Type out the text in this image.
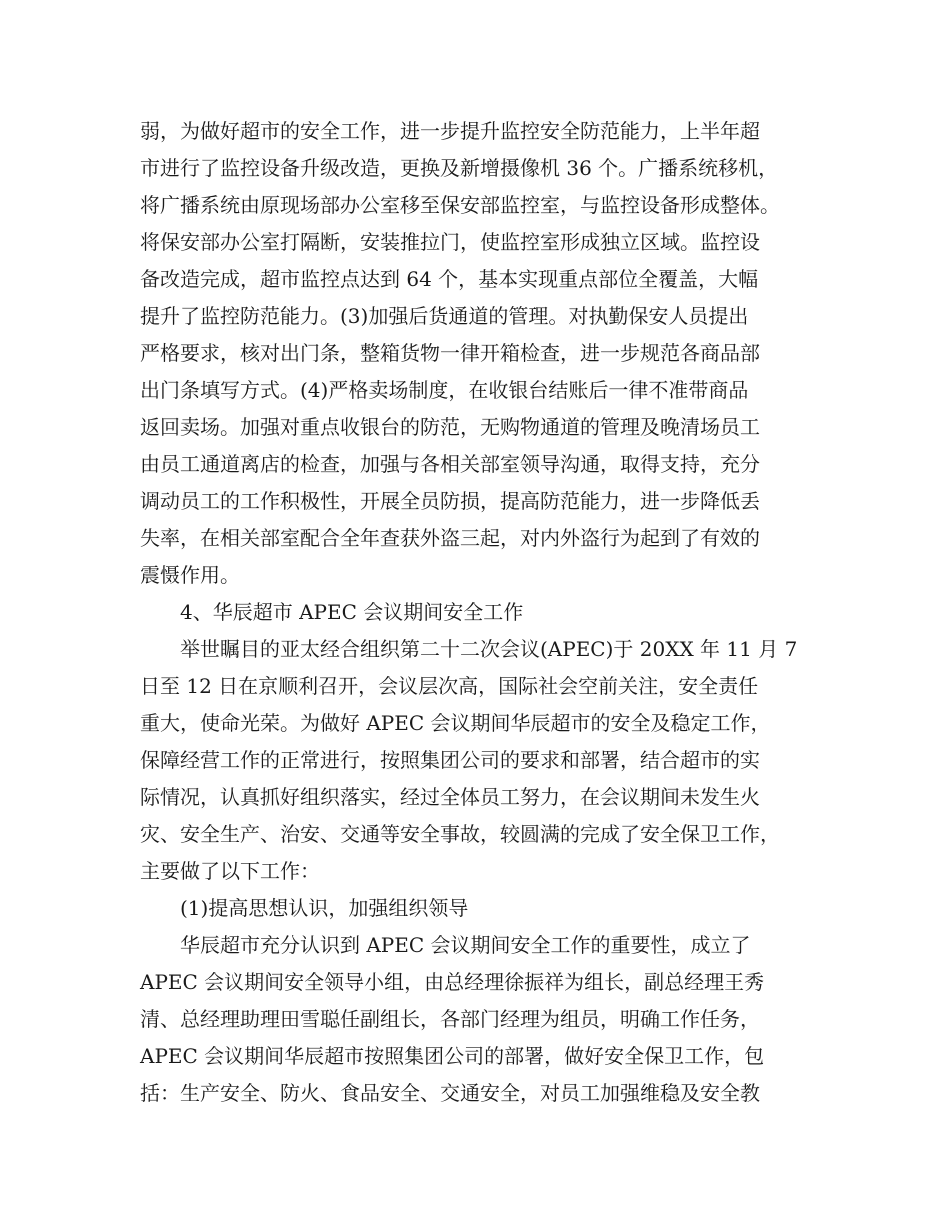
弱，为做好超市的安全工作，进一步提升监控安全防范能力，上半年超
市进行了监控设备升级改造，更换及新增摄像机 36 个。广播系统移机，
将广播系统由原现场部办公室移至保安部监控室，与监控设备形成整体。
将保安部办公室打隔断，安装推拉门，使监控室形成独立区域。监控设
备改造完成，超市监控点达到 64 个，基本实现重点部位全覆盖，大幅
提升了监控防范能力。(3)加强后货通道的管理。对执勤保安人员提出
严格要求，核对出门条，整箱货物一律开箱检查，进一步规范各商品部
出门条填写方式。(4)严格卖场制度，在收银台结账后一律不准带商品
返回卖场。加强对重点收银台的防范，无购物通道的管理及晚清场员工
由员工通道离店的检查，加强与各相关部室领导沟通，取得支持，充分
调动员工的工作积极性，开展全员防损，提高防范能力，进一步降低丢
失率，在相关部室配合全年查获外盗三起，对内外盗行为起到了有效的
震慑作用。
4、华辰超市 APEC 会议期间安全工作
举世瞩目的亚太经合组织第二十二次会议(APEC)于 20XX 年 11 月 7
日至 12 日在京顺利召开，会议层次高，国际社会空前关注，安全责任
重大，使命光荣。为做好 APEC 会议期间华辰超市的安全及稳定工作，
保障经营工作的正常进行，按照集团公司的要求和部署，结合超市的实
际情况，认真抓好组织落实，经过全体员工努力，在会议期间未发生火
灾、安全生产、治安、交通等安全事故，较圆满的完成了安全保卫工作，
主要做了以下工作：
(1)提高思想认识，加强组织领导
华辰超市充分认识到 APEC 会议期间安全工作的重要性，成立了
APEC 会议期间安全领导小组，由总经理徐振祥为组长，副总经理王秀
清、总经理助理田雪聪任副组长，各部门经理为组员，明确工作任务，
APEC 会议期间华辰超市按照集团公司的部署，做好安全保卫工作，包
括：生产安全、防火、食品安全、交通安全，对员工加强维稳及安全教
